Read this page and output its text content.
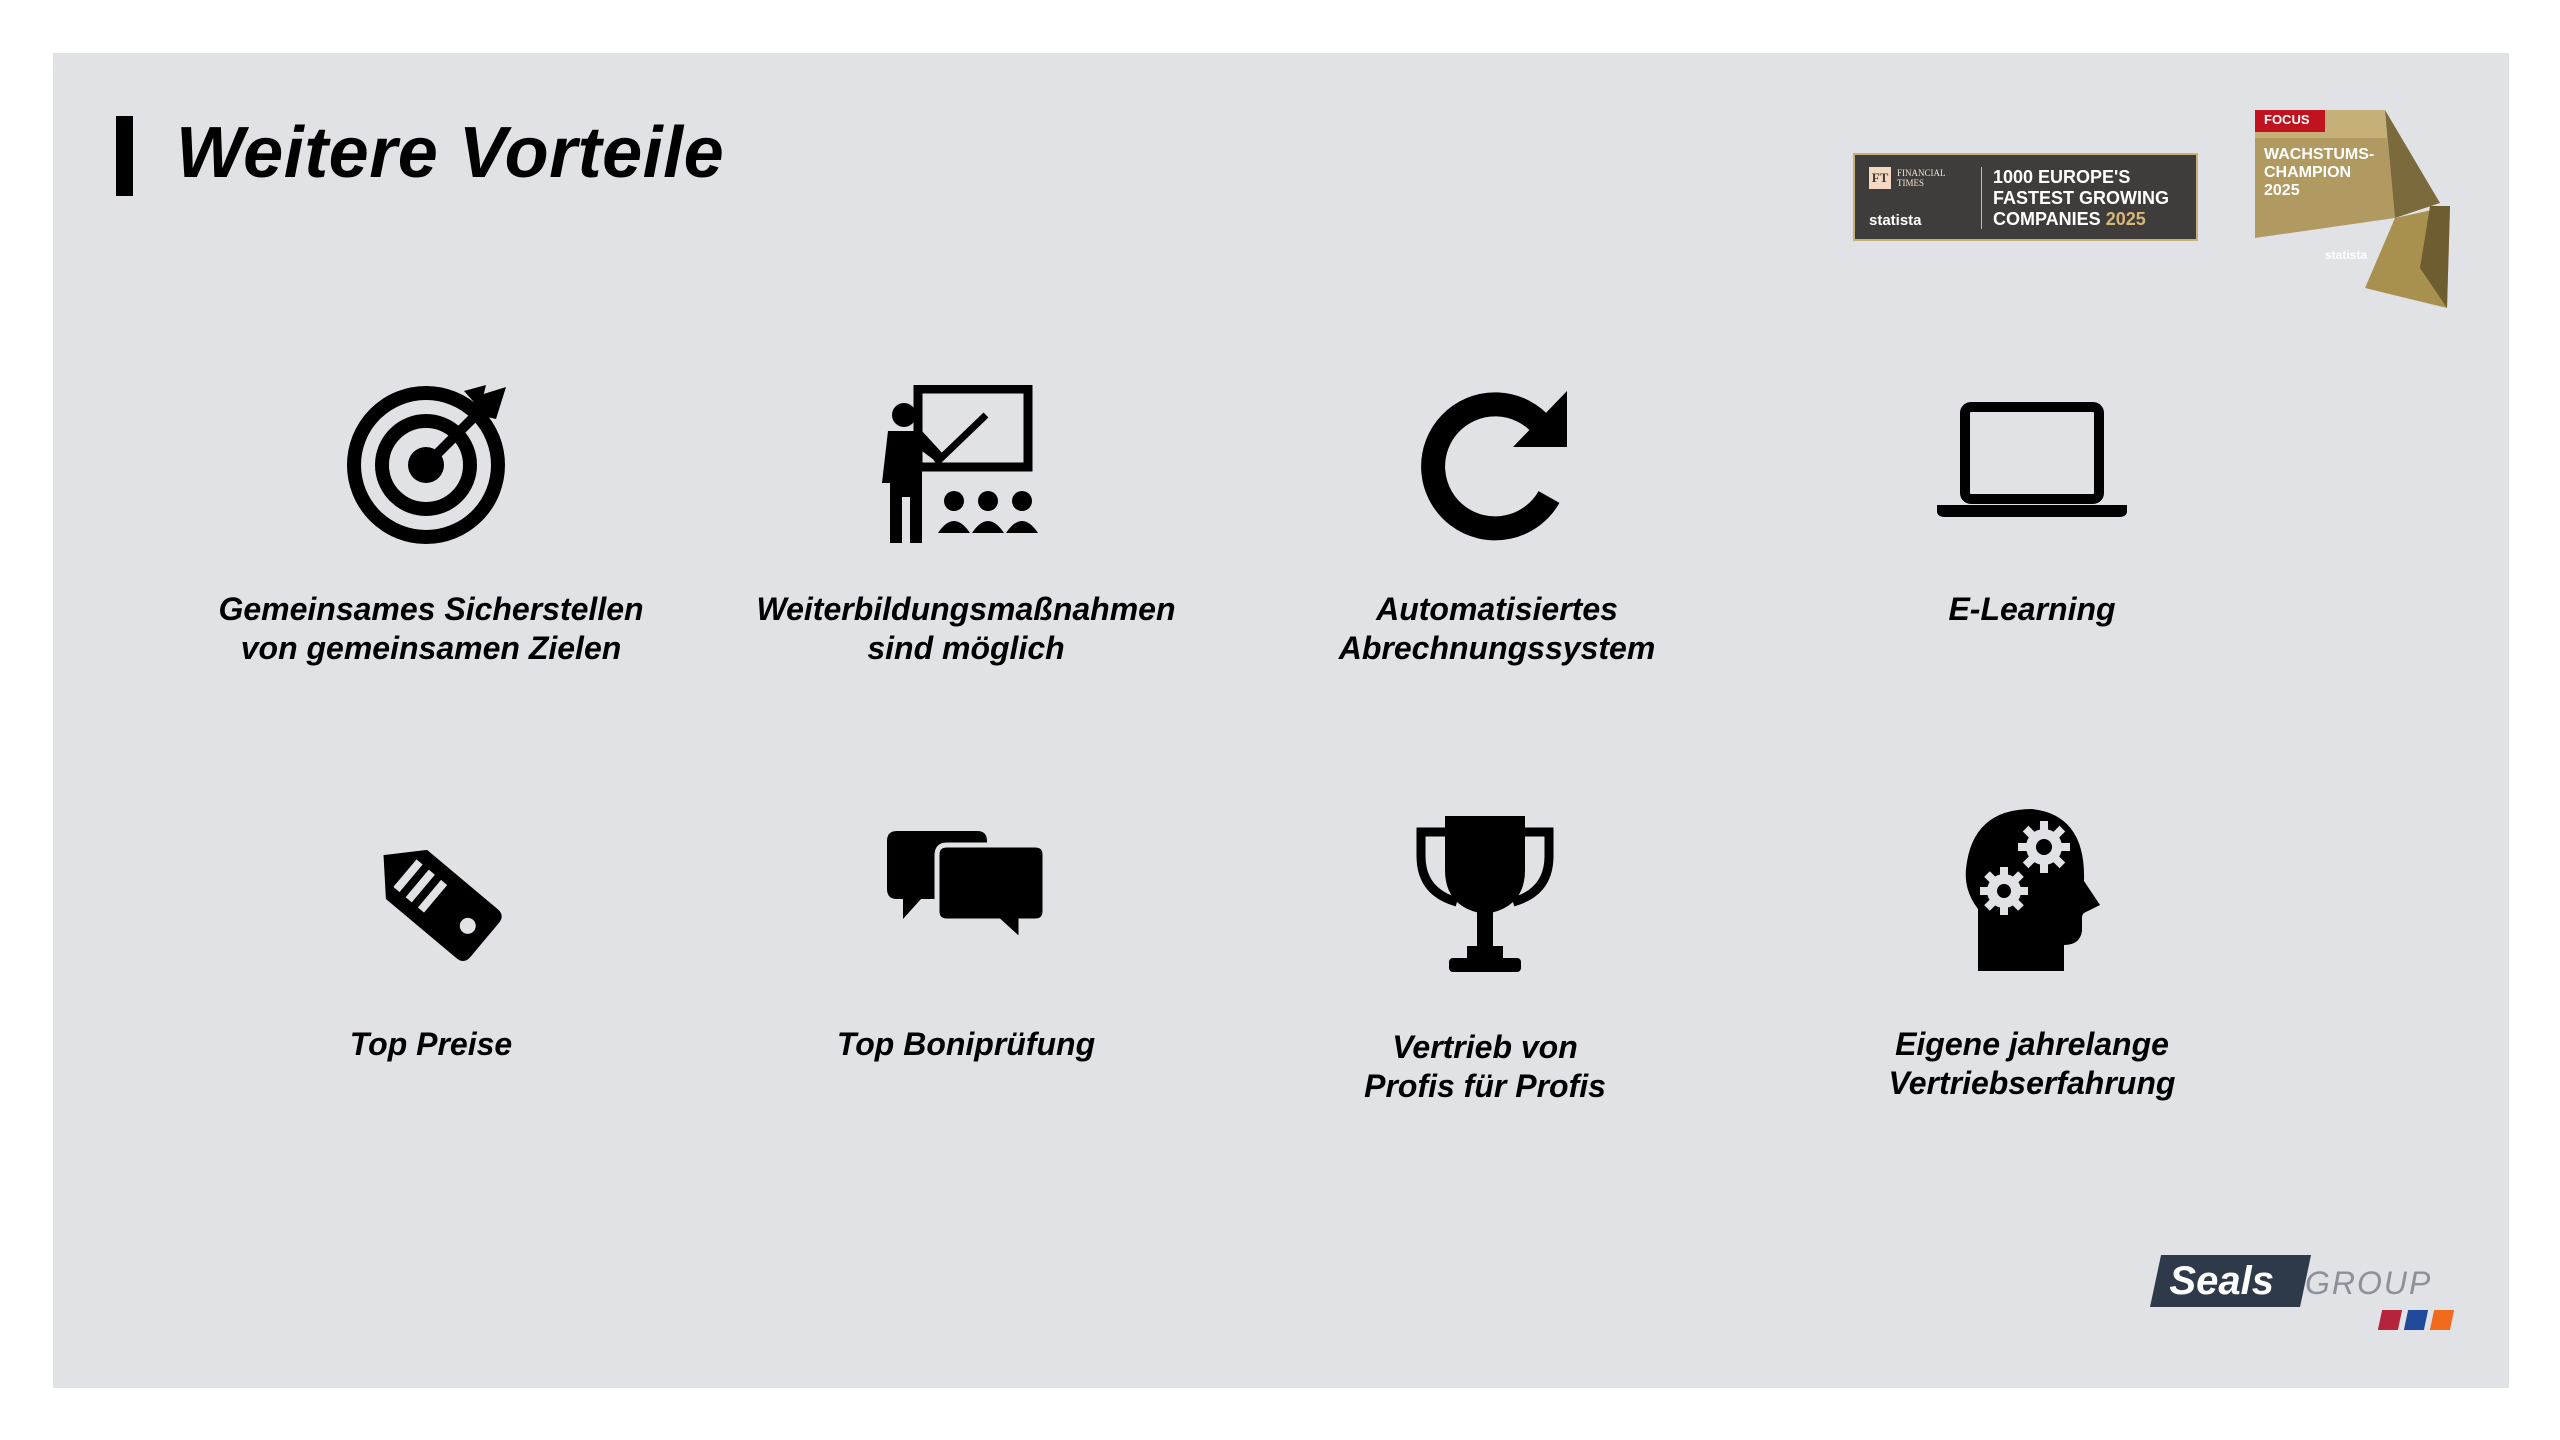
Weitere Vorteile	FT FINANCIAL
TIMES
statista
1000 EUROPE'S
FASTEST GROWING
COMPANIES 2025
FOCUS
WACHSTUMS-
CHAMPION
2025
statista
Gemeinsames Sicherstellen
von gemeinsamen Zielen
Weiterbildungsmaßnahmen
sind möglich
Automatisiertes
Abrechnungssystem
E-Learning
Top Preise	Top Boniprüfung	Vertrieb von
Profis für Profis
Eigene jahrelange
Vertriebserfahrung
Seals GROUP
